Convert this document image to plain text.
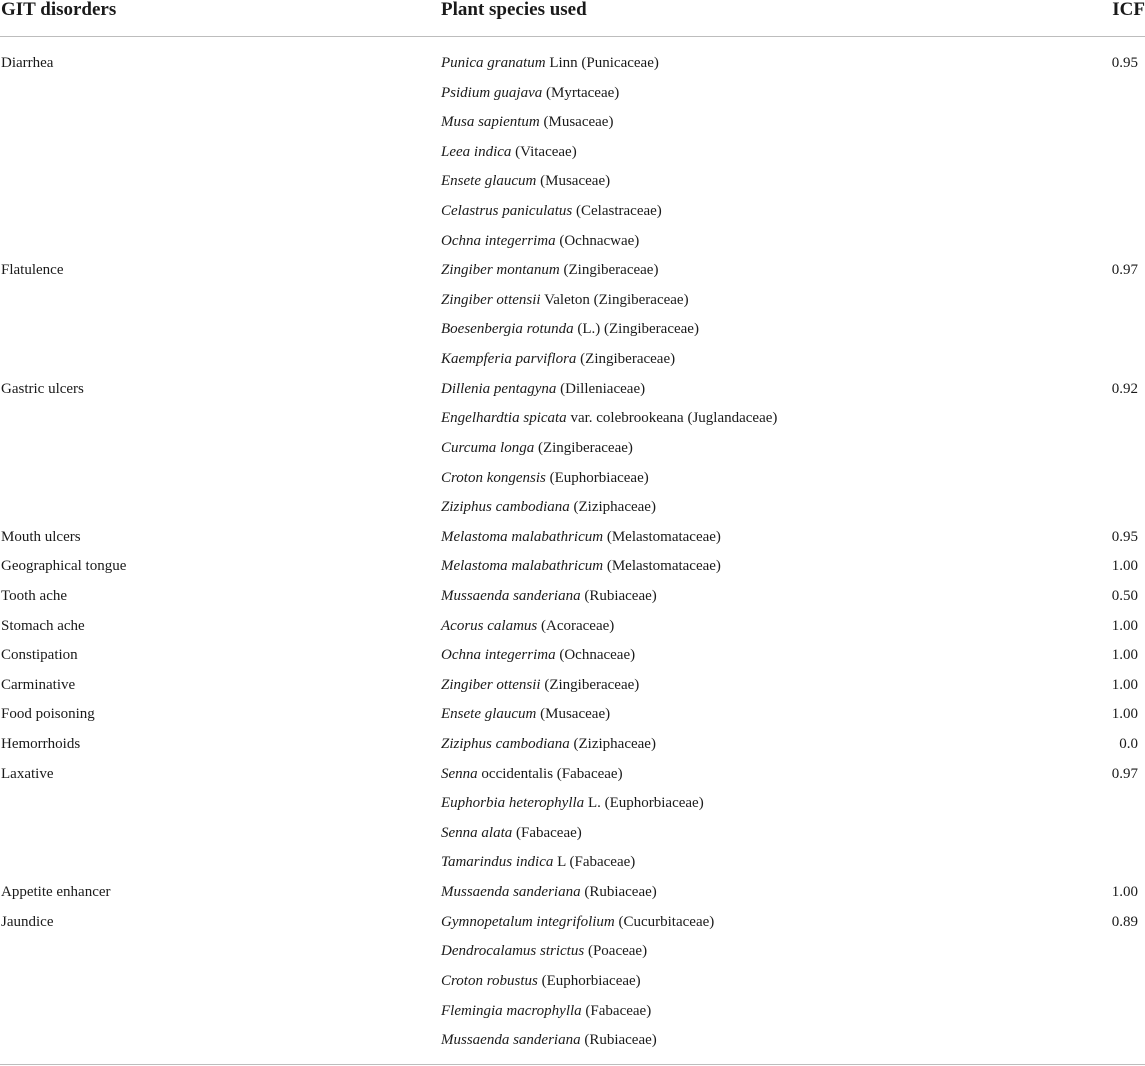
GIT disorders	Plant species used	ICF
Diarrhea	Punica granatum Linn (Punicaceae)	0.95
Psidium guajava (Myrtaceae)
Musa sapientum (Musaceae)
Leea indica (Vitaceae)
Ensete glaucum (Musaceae)
Celastrus paniculatus (Celastraceae)
Ochna integerrima (Ochnacwae)
Flatulence	Zingiber montanum (Zingiberaceae)	0.97
Zingiber ottensii Valeton (Zingiberaceae)
Boesenbergia rotunda (L.) (Zingiberaceae)
Kaempferia parviflora (Zingiberaceae)
Gastric ulcers	Dillenia pentagyna (Dilleniaceae)	0.92
Engelhardtia spicata var. colebrookeana (Juglandaceae)
Curcuma longa (Zingiberaceae)
Croton kongensis (Euphorbiaceae)
Ziziphus cambodiana (Ziziphaceae)
Mouth ulcers	Melastoma malabathricum (Melastomataceae)	0.95
Geographical tongue	Melastoma malabathricum (Melastomataceae)	1.00
Tooth ache	Mussaenda sanderiana (Rubiaceae)	0.50
Stomach ache	Acorus calamus (Acoraceae)	1.00
Constipation	Ochna integerrima (Ochnaceae)	1.00
Carminative	Zingiber ottensii (Zingiberaceae)	1.00
Food poisoning	Ensete glaucum (Musaceae)	1.00
Hemorrhoids	Ziziphus cambodiana (Ziziphaceae)	0.0
Laxative	Senna occidentalis (Fabaceae)	0.97
Euphorbia heterophylla L. (Euphorbiaceae)
Senna alata (Fabaceae)
Tamarindus indica L (Fabaceae)
Appetite enhancer	Mussaenda sanderiana (Rubiaceae)	1.00
Jaundice	Gymnopetalum integrifolium (Cucurbitaceae)	0.89
Dendrocalamus strictus (Poaceae)
Croton robustus (Euphorbiaceae)
Flemingia macrophylla (Fabaceae)
Mussaenda sanderiana (Rubiaceae)
